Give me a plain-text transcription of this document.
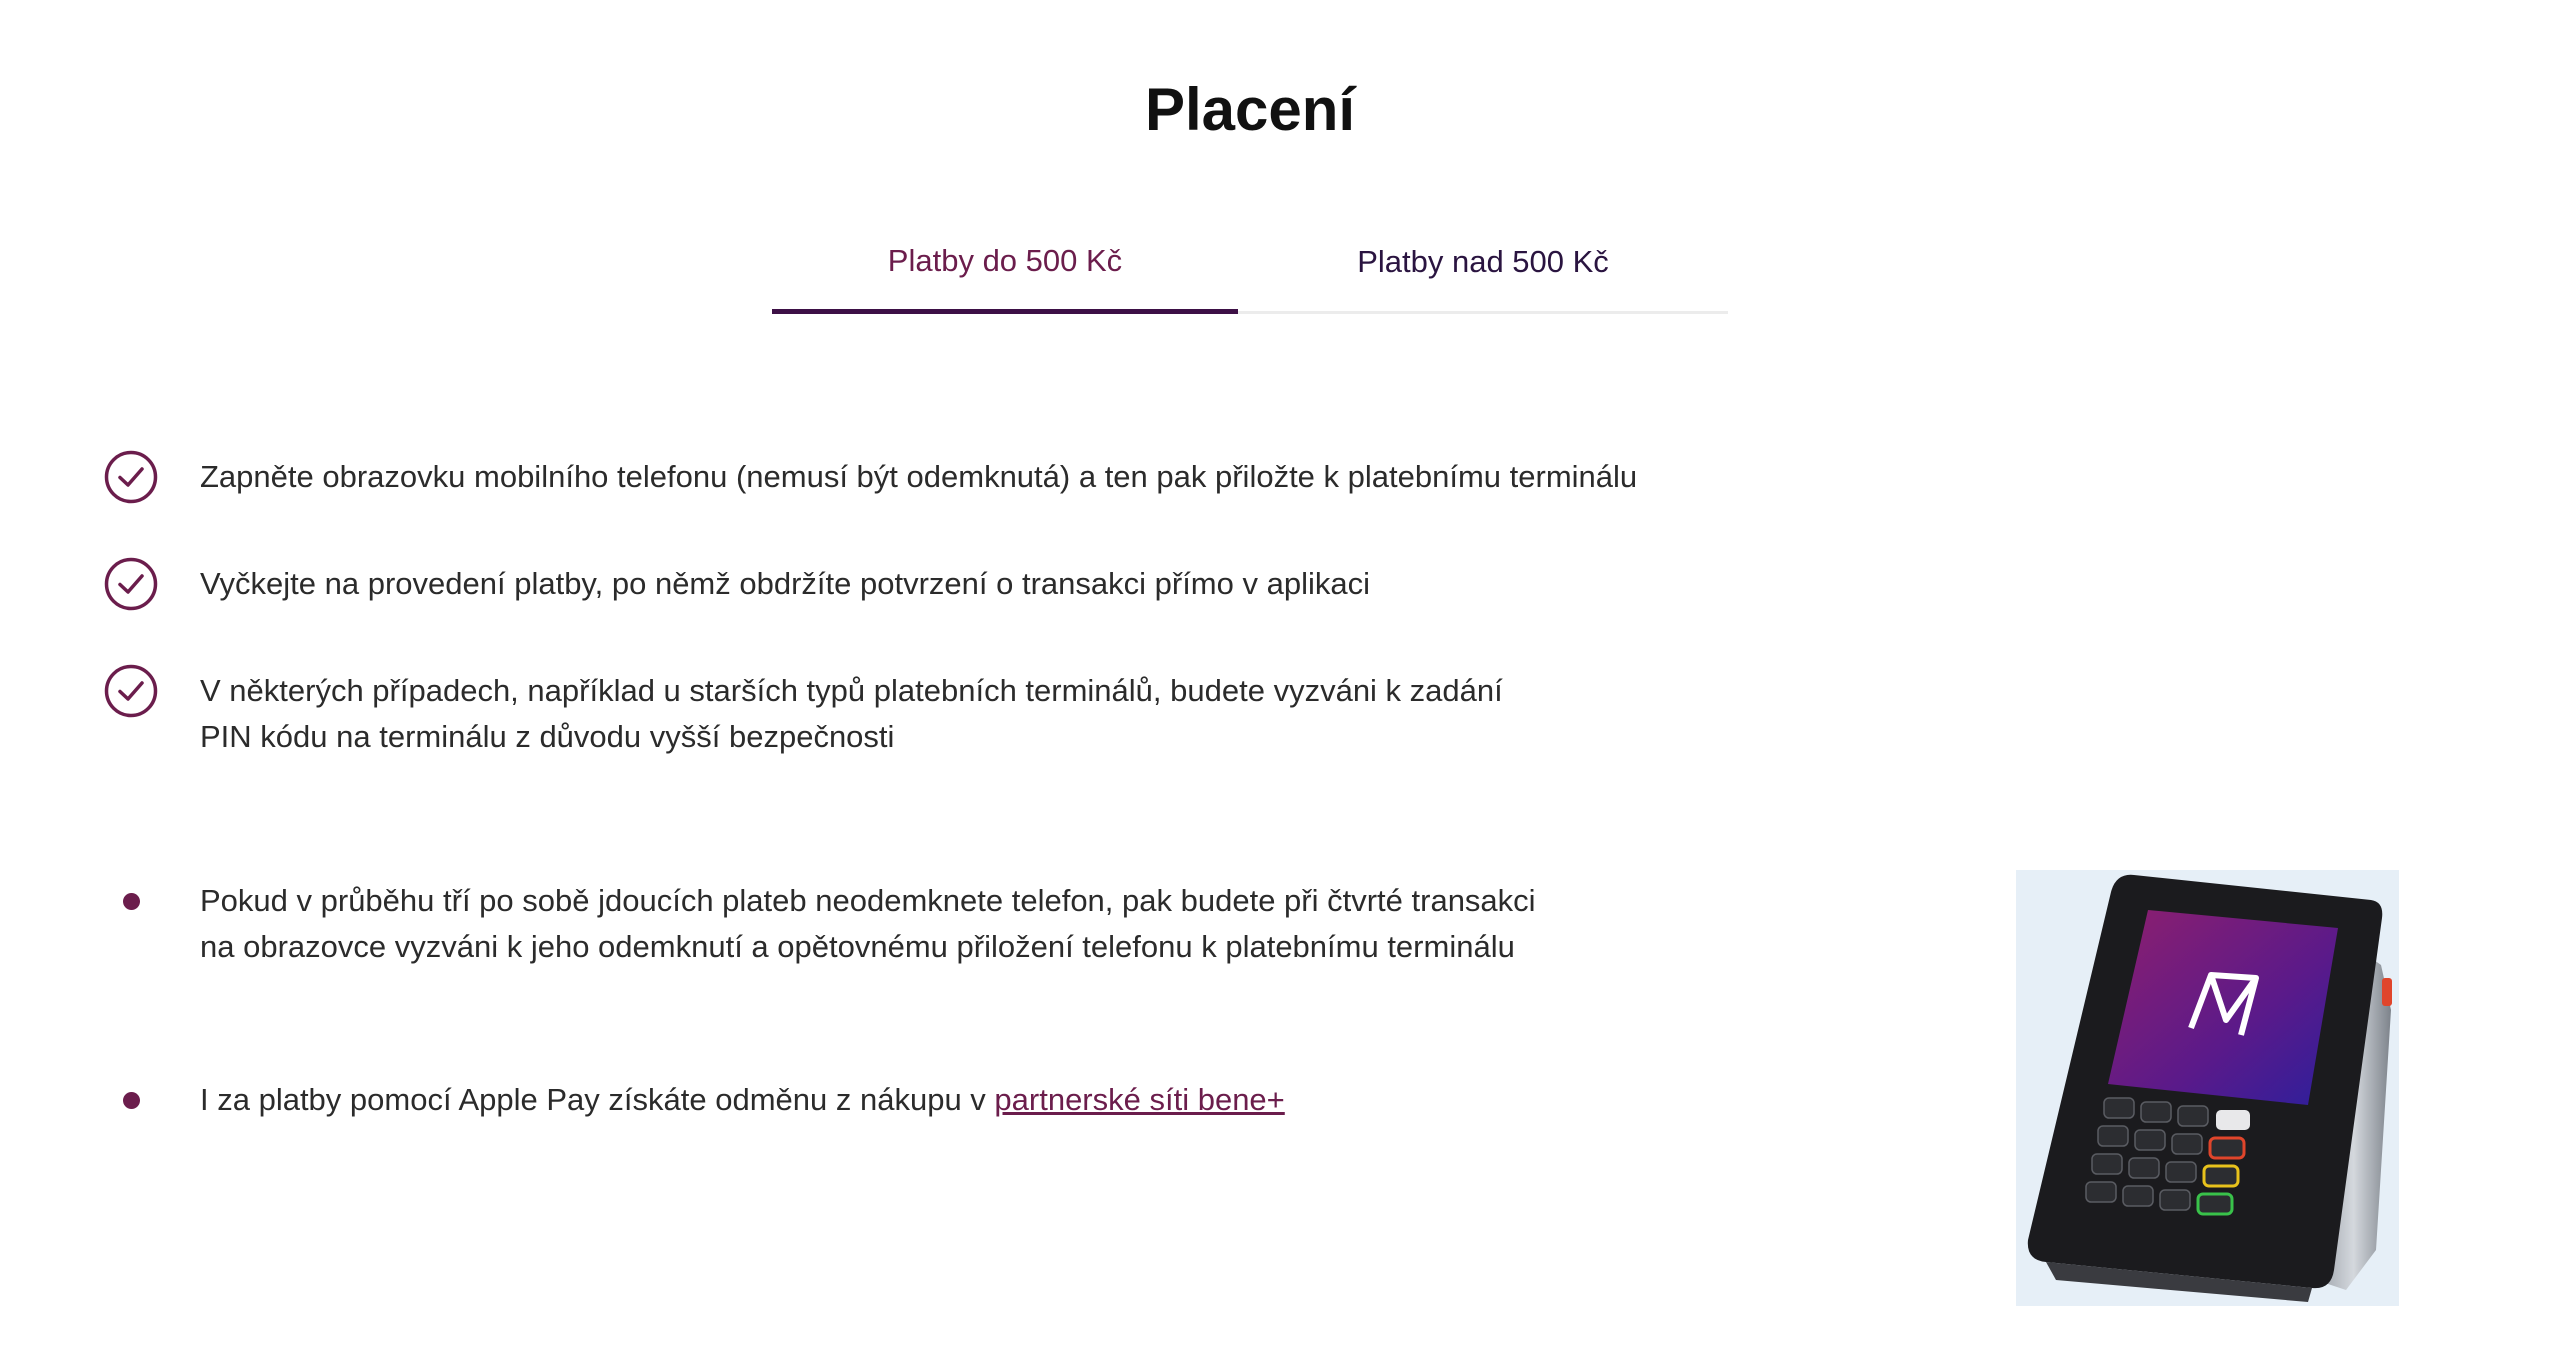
Placení
Platby do 500 Kč	Platby nad 500 Kč
Zapněte obrazovku mobilního telefonu (nemusí být odemknutá) a ten pak přiložte k platebnímu terminálu
Vyčkejte na provedení platby, po němž obdržíte potvrzení o transakci přímo v aplikaci
V některých případech, například u starších typů platebních terminálů, budete vyzváni k zadání
PIN kódu na terminálu z důvodu vyšší bezpečnosti
Pokud v průběhu tří po sobě jdoucích plateb neodemknete telefon, pak budete při čtvrté transakci
na obrazovce vyzváni k jeho odemknutí a opětovnému přiložení telefonu k platebnímu terminálu
I za platby pomocí Apple Pay získáte odměnu z nákupu v partnerské síti bene+
